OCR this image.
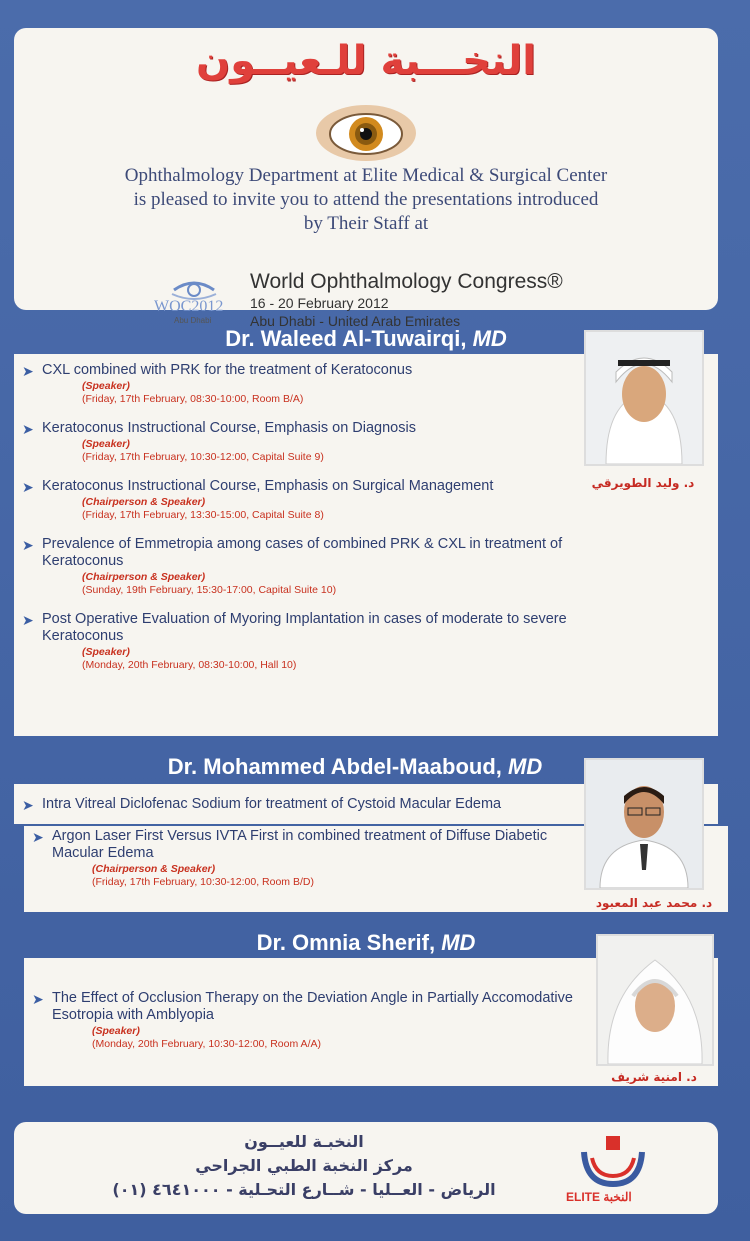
النخـــبة للـعيــون
Ophthalmology Department at Elite Medical & Surgical Center
is pleased to invite you to attend the presentations introduced
by Their Staff at
WOC2012
Abu Dhabi
World Ophthalmology Congress®
16 - 20 February 2012
Abu Dhabi - United Arab Emirates
Dr. Waleed Al-Tuwairqi, MD
➤ CXL combined with PRK for the treatment of Keratoconus
(Speaker)
(Friday, 17th February, 08:30-10:00, Room B/A)
➤ Keratoconus Instructional Course, Emphasis on Diagnosis
(Speaker)
(Friday, 17th February, 10:30-12:00, Capital Suite 9)
➤ Keratoconus Instructional Course, Emphasis on Surgical Management
(Chairperson & Speaker)
(Friday, 17th February, 13:30-15:00, Capital Suite 8)
➤ Prevalence of Emmetropia among cases of combined PRK & CXL in treatment of Keratoconus
(Chairperson & Speaker)
(Sunday, 19th February, 15:30-17:00, Capital Suite 10)
➤ Post Operative Evaluation of Myoring Implantation in cases of moderate to severe Keratoconus
(Speaker)
(Monday, 20th February, 08:30-10:00, Hall 10)
د. وليد الطويرقي
Dr. Mohammed Abdel-Maaboud, MD
➤ Intra Vitreal Diclofenac Sodium for treatment of Cystoid Macular Edema
➤ Argon Laser First Versus IVTA First in combined treatment of Diffuse Diabetic Macular Edema
(Chairperson & Speaker)
(Friday, 17th February, 10:30-12:00, Room B/D)
د. محمد عبد المعبود
Dr. Omnia Sherif, MD
➤ The Effect of Occlusion Therapy on the Deviation Angle in Partially Accomodative Esotropia with Amblyopia
(Speaker)
(Monday, 20th February, 10:30-12:00, Room A/A)
د. امنية شريف
النخبـة للعيــون
مركز النخبة الطبي الجراحي
الرياض - العــليا - شــارع التحـلية - ٤٦٤١٠٠٠ (٠١)	ELITE النخبة
